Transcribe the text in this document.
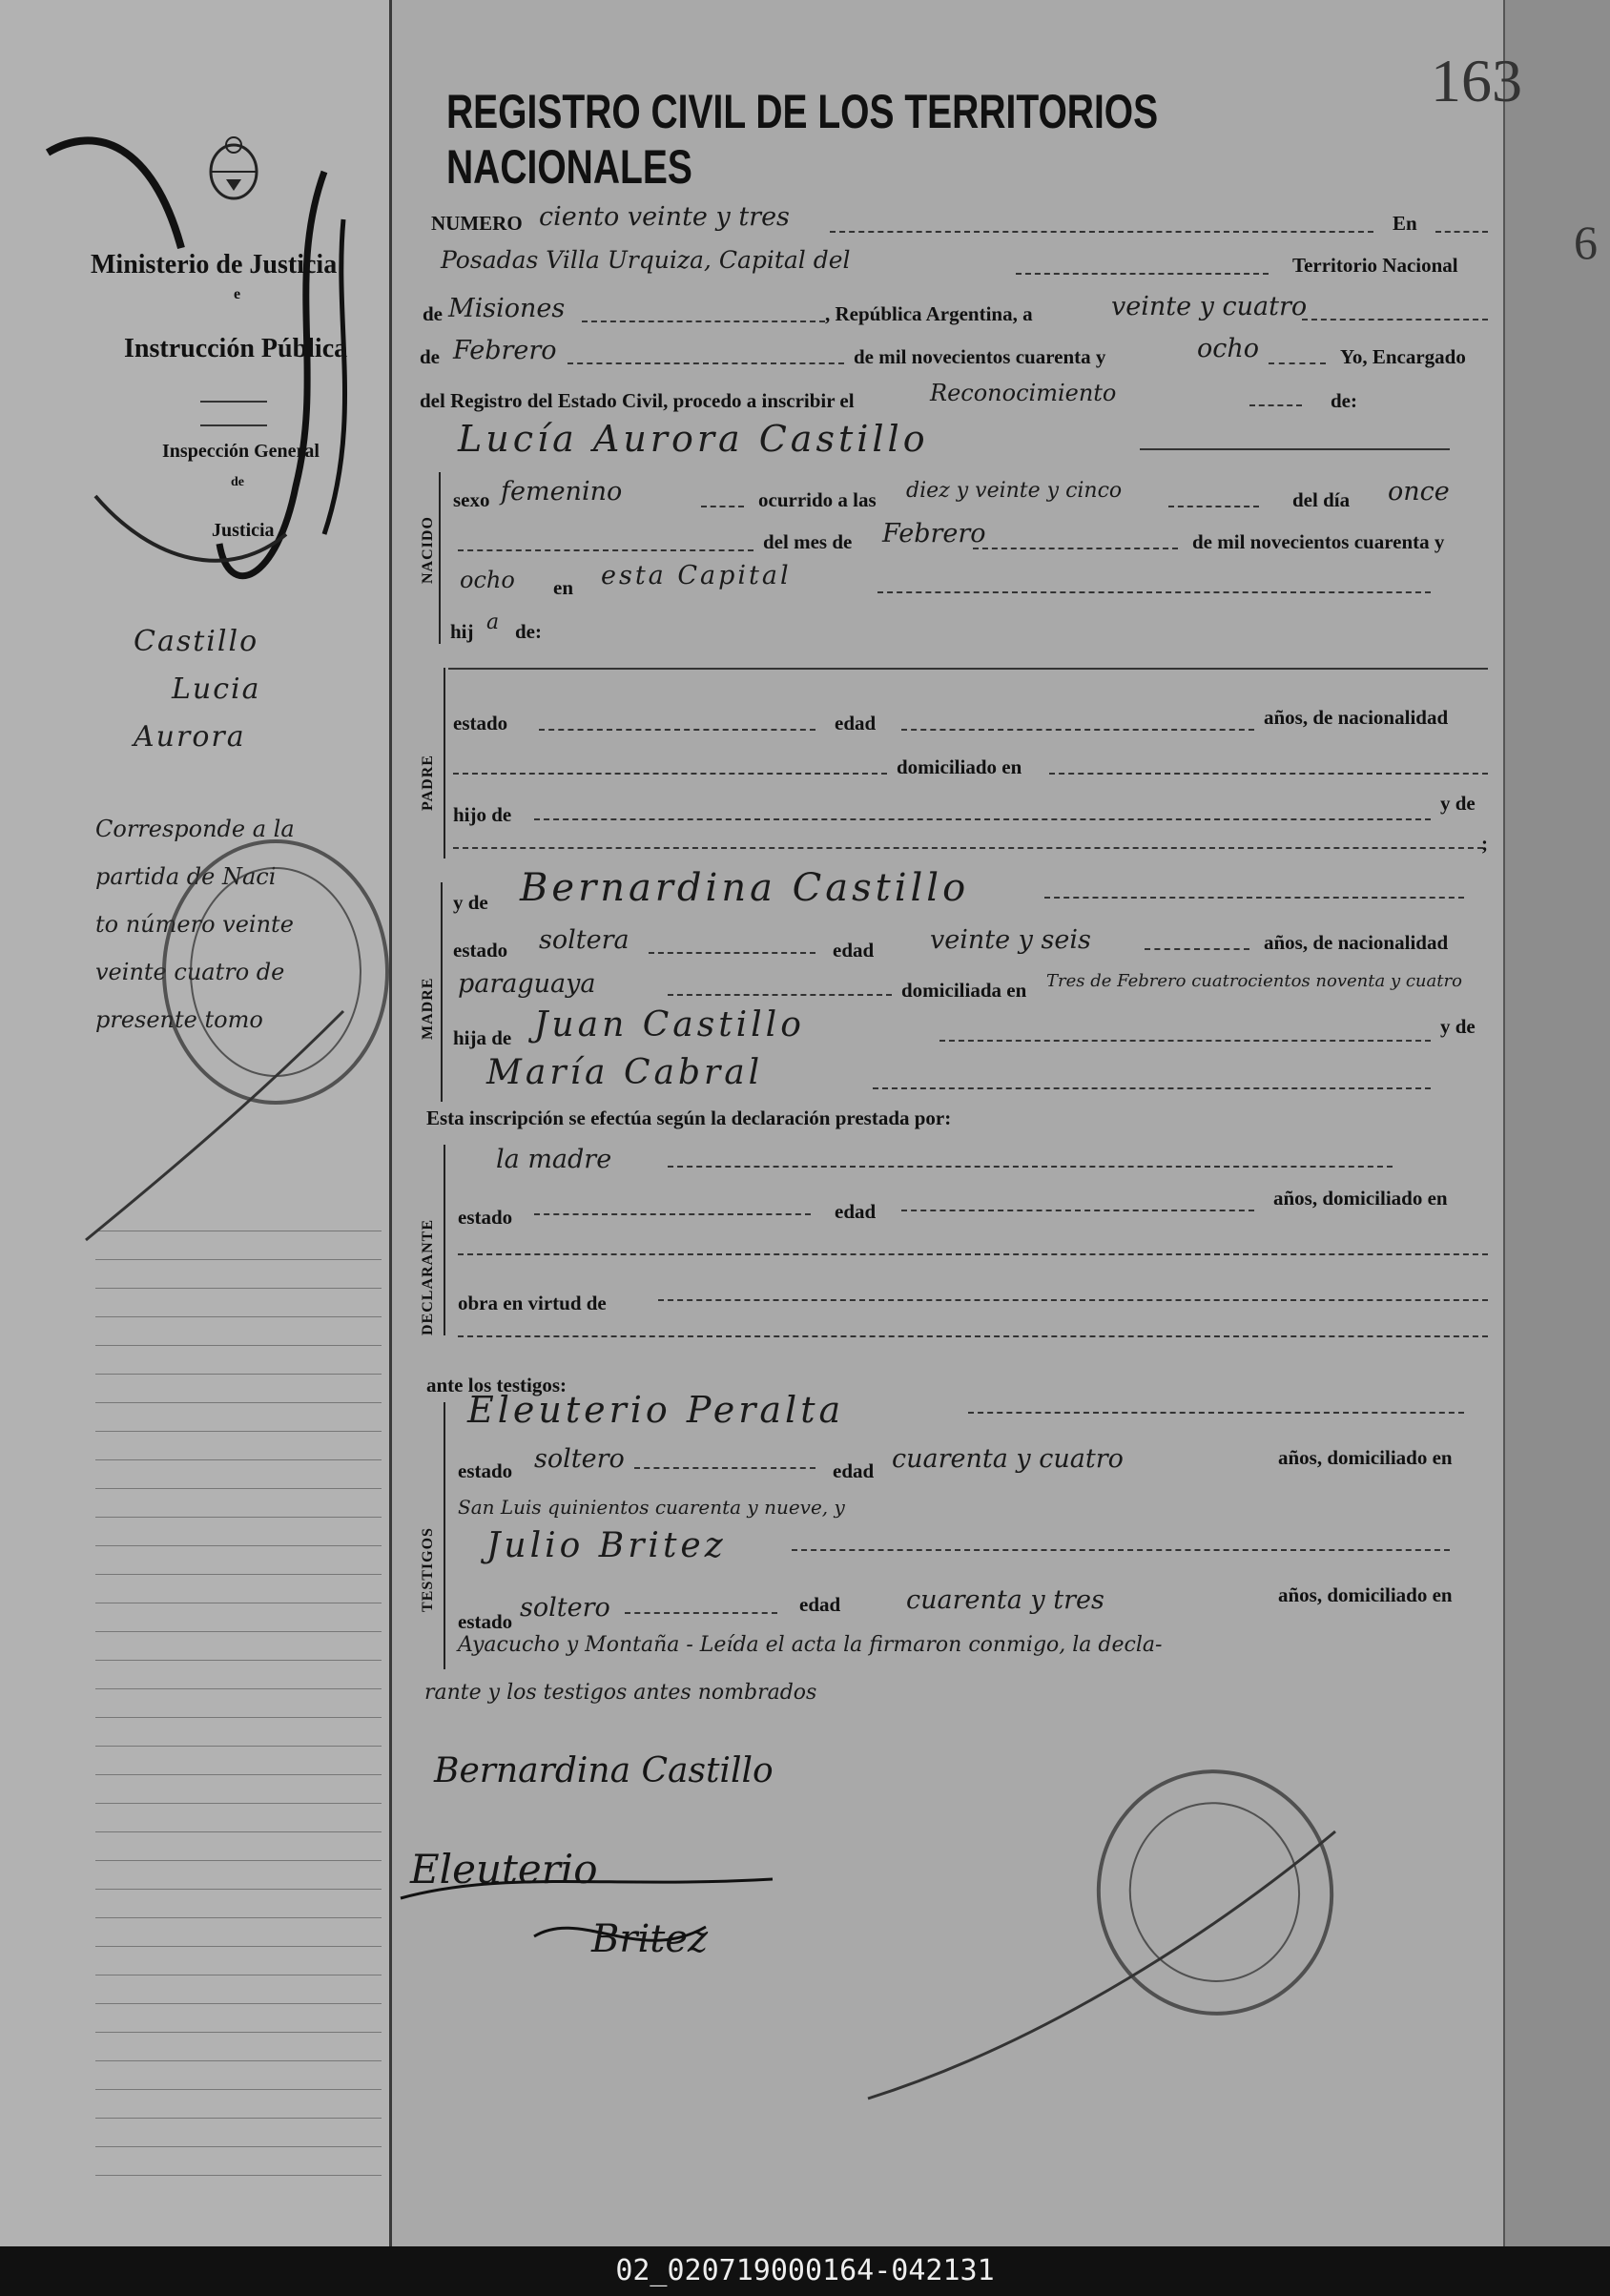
Ministerio de Justicia
e
Instrucción Pública
Inspección General
de
Justicia
Castillo
Lucia
Aurora
Corresponde a la
partida de Naci
to número veinte
veinte cuatro de
presente tomo
163
6
REGISTRO CIVIL DE LOS TERRITORIOS NACIONALES
NUMERO ciento veinte y tres	En
Posadas Villa Urquiza, Capital del	Territorio Nacional
de Misiones	, República Argentina, a	veinte y cuatro
de Febrero	de mil novecientos cuarenta y	ocho	Yo, Encargado
del Registro del Estado Civil, procedo a inscribir el	Reconocimiento	de:
Lucía Aurora Castillo
NACIDO
sexo femenino	ocurrido a las diez y veinte y cinco	del día once
del mes de Febrero	de mil novecientos cuarenta y
ocho en esta Capital
hij a de:
PADRE
estado	edad	años, de nacionalidad
domiciliado en
hijo de	y de
;
MADRE
y de Bernardina Castillo
estado soltera	edad veinte y seis	años, de nacionalidad
paraguaya	domiciliada en Tres de Febrero cuatrocientos noventa y cuatro
hija de Juan Castillo	y de
María Cabral
Esta inscripción se efectúa según la declaración prestada por:
DECLARANTE
la madre
estado	edad
años, domiciliado en
obra en virtud de
ante los testigos:
TESTIGOS
Eleuterio Peralta
estado soltero	edad cuarenta y cuatro	años, domiciliado en
San Luis quinientos cuarenta y nueve, y
Julio Britez
estado soltero	edad	cuarenta y tres	años, domiciliado en
Ayacucho y Montaña - Leída el acta la firmaron conmigo, la decla-
rante y los testigos antes nombrados
Bernardina Castillo
Eleuterio
Britez
02_020719000164-042131
